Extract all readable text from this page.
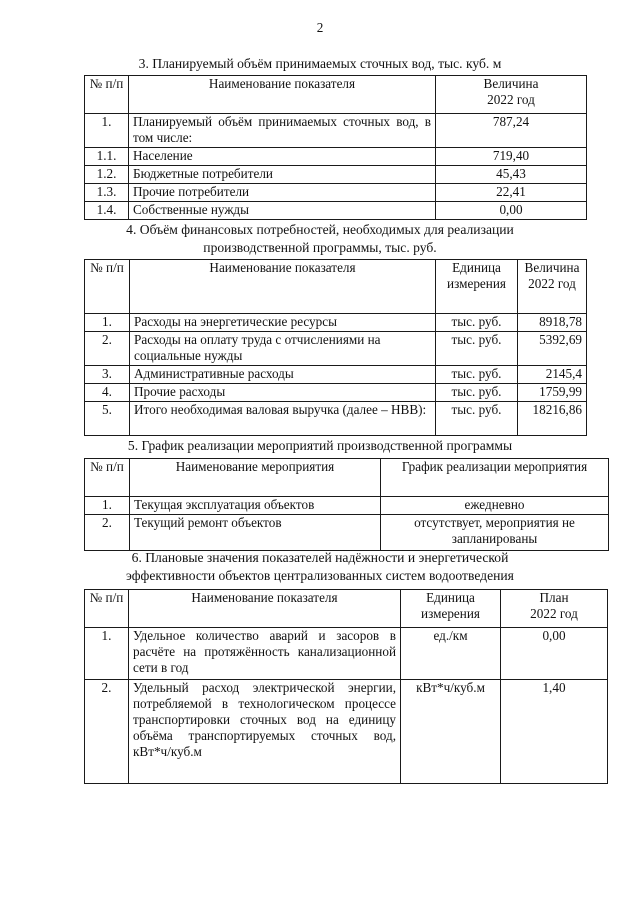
2
3. Планируемый объём принимаемых сточных вод, тыс. куб. м
№ п/п	Наименование показателя	Величина
2022 год
1.	Планируемый объём принимаемых сточных вод, в том числе:	787,24
1.1.	Население	719,40
1.2.	Бюджетные потребители	45,43
1.3.	Прочие потребители	22,41
1.4.	Собственные нужды	0,00
4. Объём финансовых потребностей, необходимых для реализации
производственной программы, тыс. руб.
№ п/п	Наименование показателя	Единица измерения	Величина
2022 год
1.	Расходы на энергетические ресурсы	тыс. руб.	8918,78
2.	Расходы на оплату труда с отчислениями на социальные нужды	тыс. руб.	5392,69
3.	Административные расходы	тыс. руб.	2145,4
4.	Прочие расходы	тыс. руб.	1759,99
5.	Итого необходимая валовая выручка (далее – НВВ):	тыс. руб.	18216,86
5. График реализации мероприятий производственной программы
№ п/п	Наименование мероприятия	График реализации мероприятия
1.	Текущая эксплуатация объектов	ежедневно
2.	Текущий ремонт объектов	отсутствует, мероприятия не запланированы
6. Плановые значения показателей надёжности и энергетической
эффективности объектов централизованных систем водоотведения
№ п/п	Наименование показателя	Единица измерения	План
2022 год
1.	Удельное количество аварий и засоров в расчёте на протяжённость канализационной сети в год	ед./км	0,00
2.	Удельный расход электрической энергии, потребляемой в технологическом процессе транспортировки сточных вод на единицу объёма транспортируемых сточных вод, кВт*ч/куб.м	кВт*ч/куб.м	1,40
